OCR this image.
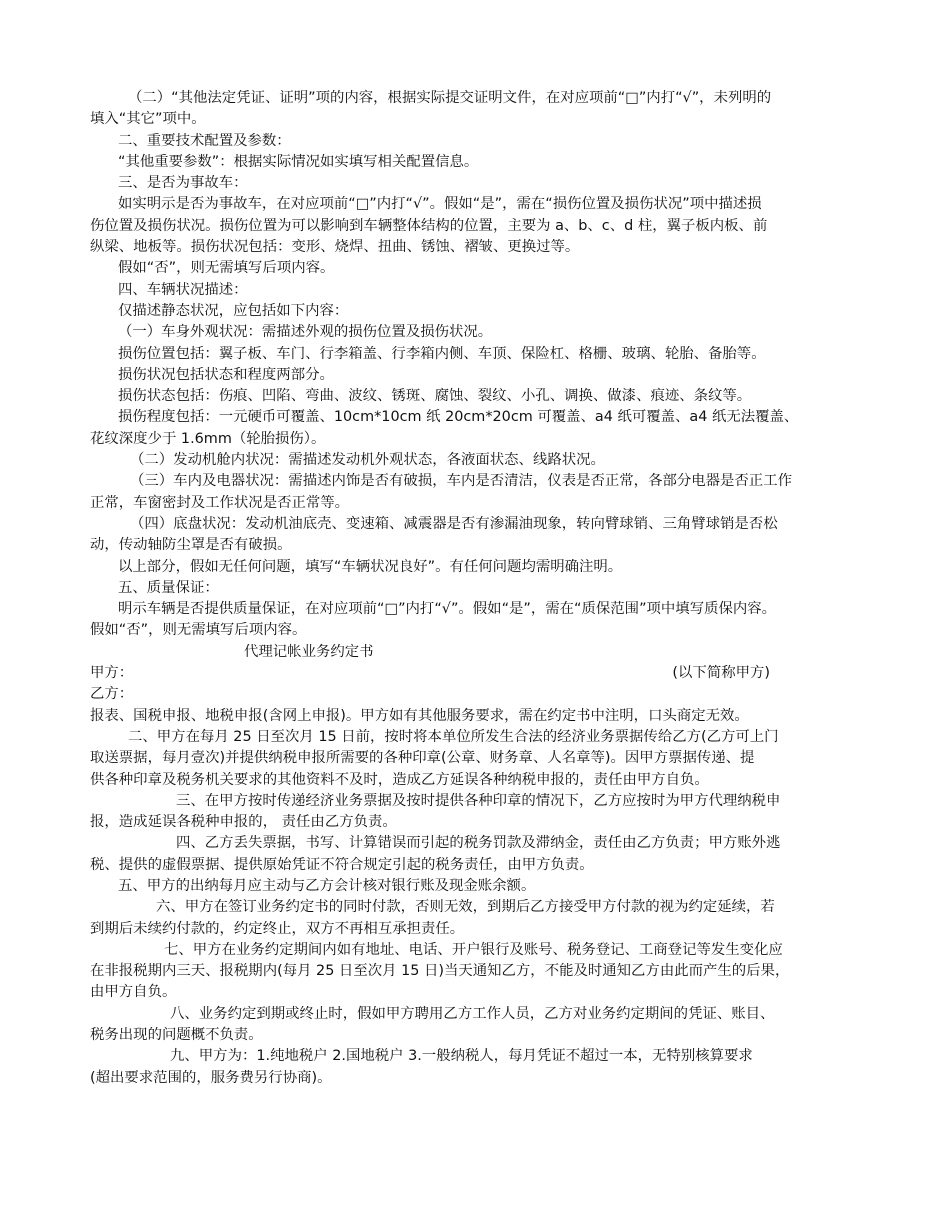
（二）“其他法定凭证、证明”项的内容，根据实际提交证明文件，在对应项前“□”内打“√”，未列明的
填入“其它”项中。
二、重要技术配置及参数：
“其他重要参数”：根据实际情况如实填写相关配置信息。
三、是否为事故车：
如实明示是否为事故车，在对应项前“□”内打“√”。假如“是”，需在“损伤位置及损伤状况”项中描述损
伤位置及损伤状况。损伤位置为可以影响到车辆整体结构的位置，主要为 a、b、c、d 柱，翼子板内板、前
纵梁、地板等。损伤状况包括：变形、烧焊、扭曲、锈蚀、褶皱、更换过等。
假如“否”，则无需填写后项内容。
四、车辆状况描述：
仅描述静态状况，应包括如下内容：
（一）车身外观状况：需描述外观的损伤位置及损伤状况。
损伤位置包括：翼子板、车门、行李箱盖、行李箱内侧、车顶、保险杠、格栅、玻璃、轮胎、备胎等。
损伤状况包括状态和程度两部分。
损伤状态包括：伤痕、凹陷、弯曲、波纹、锈斑、腐蚀、裂纹、小孔、调换、做漆、痕迹、条纹等。
损伤程度包括：一元硬币可覆盖、10cm*10cm 纸 20cm*20cm 可覆盖、a4 纸可覆盖、a4 纸无法覆盖、
花纹深度少于 1.6mm（轮胎损伤）。
（二）发动机舱内状况：需描述发动机外观状态，各液面状态、线路状况。
（三）车内及电器状况：需描述内饰是否有破损，车内是否清洁，仪表是否正常，各部分电器是否正工作
正常，车窗密封及工作状况是否正常等。
（四）底盘状况：发动机油底壳、变速箱、减震器是否有渗漏油现象，转向臂球销、三角臂球销是否松
动，传动轴防尘罩是否有破损。
以上部分，假如无任何问题，填写“车辆状况良好”。有任何问题均需明确注明。
五、质量保证：
明示车辆是否提供质量保证，在对应项前“□”内打“√”。假如“是”，需在“质保范围”项中填写质保内容。
假如“否”，则无需填写后项内容。
代理记帐业务约定书
甲方：	(以下简称甲方)
乙方：
报表、国税申报、地税申报(含网上申报)。甲方如有其他服务要求，需在约定书中注明，口头商定无效。
二、甲方在每月 25 日至次月 15 日前，按时将本单位所发生合法的经济业务票据传给乙方(乙方可上门
取送票据，每月壹次)并提供纳税申报所需要的各种印章(公章、财务章、人名章等)。因甲方票据传递、提
供各种印章及税务机关要求的其他资料不及时，造成乙方延误各种纳税申报的，责任由甲方自负。
三、在甲方按时传递经济业务票据及按时提供各种印章的情况下，乙方应按时为甲方代理纳税申
报，造成延误各税种申报的， 责任由乙方负责。
四、乙方丢失票据，书写、计算错误而引起的税务罚款及滞纳金，责任由乙方负责；甲方账外逃
税、提供的虚假票据、提供原始凭证不符合规定引起的税务责任，由甲方负责。
五、甲方的出纳每月应主动与乙方会计核对银行账及现金账余额。
六、甲方在签订业务约定书的同时付款，否则无效，到期后乙方接受甲方付款的视为约定延续，若
到期后未续约付款的，约定终止，双方不再相互承担责任。
七、甲方在业务约定期间内如有地址、电话、开户银行及账号、税务登记、工商登记等发生变化应
在非报税期内三天、报税期内(每月 25 日至次月 15 日)当天通知乙方，不能及时通知乙方由此而产生的后果，
由甲方自负。
八、业务约定到期或终止时，假如甲方聘用乙方工作人员，乙方对业务约定期间的凭证、账目、
税务出现的问题概不负责。
九、甲方为：1.纯地税户 2.国地税户 3.一般纳税人，每月凭证不超过一本，无特别核算要求
(超出要求范围的，服务费另行协商)。
